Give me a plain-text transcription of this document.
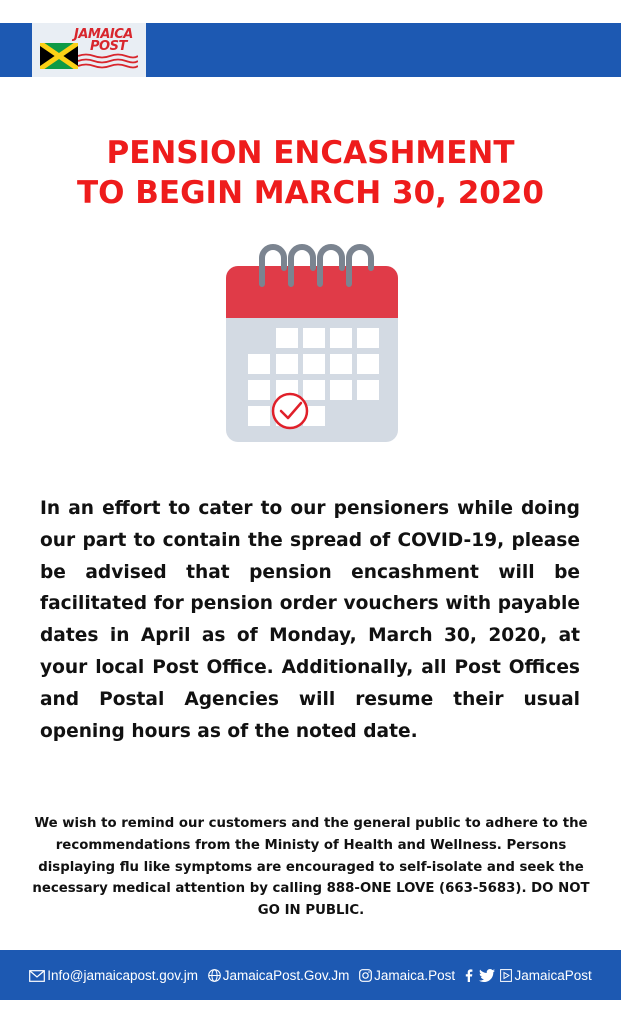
JAMAICA
POST
PENSION ENCASHMENT
TO BEGIN MARCH 30, 2020
In an effort to cater to our pensioners while doing our part to contain the spread of COVID-19, please be advised that pension encashment will be facilitated for pension order vouchers with payable dates in April as of Monday, March 30, 2020, at your local Post Office. Additionally, all Post Offices and Postal Agencies will resume their usual opening hours as of the noted date.
We wish to remind our customers and the general public to adhere to the recommendations from the Ministy of Health and Wellness. Persons displaying flu like symptoms are encouraged to self-isolate and seek the necessary medical attention by calling 888-ONE LOVE (663-5683). DO NOT GO IN PUBLIC.
Info@jamaicapost.gov.jm JamaicaPost.Gov.Jm Jamaica.Post	JamaicaPost
